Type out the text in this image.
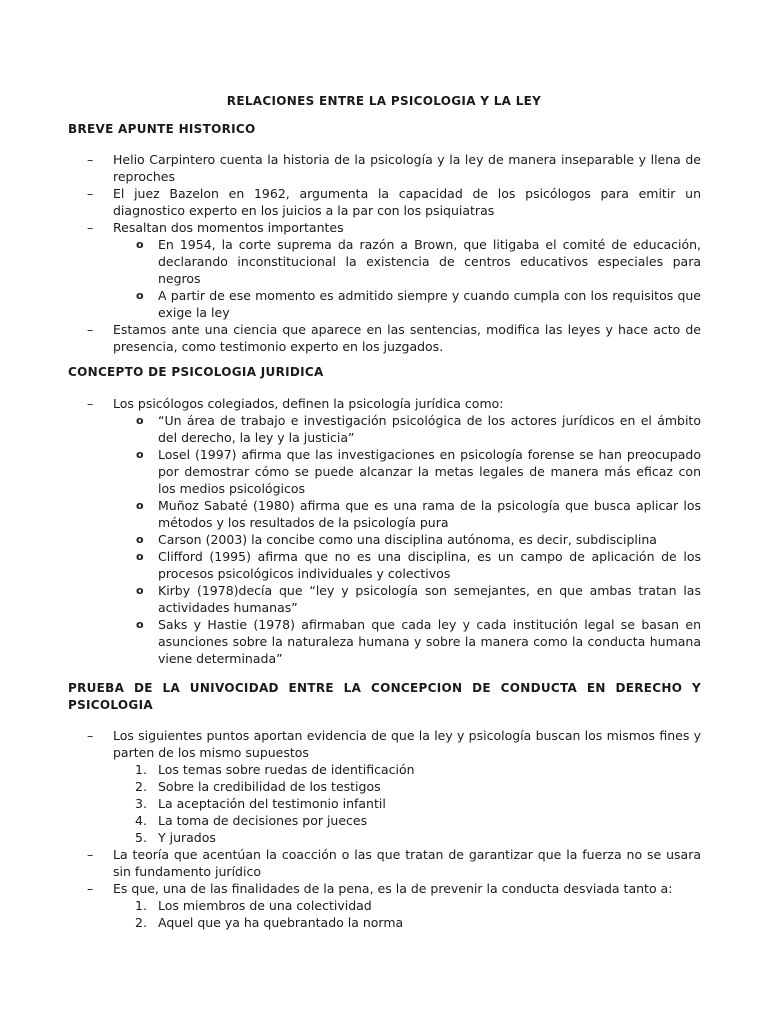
RELACIONES ENTRE LA PSICOLOGIA Y LA LEY
BREVE APUNTE HISTORICO
– Helio Carpintero cuenta la historia de la psicología y la ley de manera inseparable y llena de reproches
– El juez Bazelon en 1962, argumenta la capacidad de los psicólogos para emitir un diagnostico experto en los juicios a la par con los psiquiatras
– Resaltan dos momentos importantes
o En 1954, la corte suprema da razón a Brown, que litigaba el comité de educación, declarando inconstitucional la existencia de centros educativos especiales para negros
o A partir de ese momento es admitido siempre y cuando cumpla con los requisitos que exige la ley
– Estamos ante una ciencia que aparece en las sentencias, modifica las leyes y hace acto de presencia, como testimonio experto en los juzgados.
CONCEPTO DE PSICOLOGIA JURIDICA
– Los psicólogos colegiados, definen la psicología jurídica como:
o “Un área de trabajo e investigación psicológica de los actores jurídicos en el ámbito del derecho, la ley y la justicia”
o Losel (1997) afirma que las investigaciones en psicología forense se han preocupado por demostrar cómo se puede alcanzar la metas legales de manera más eficaz con los medios psicológicos
o Muñoz Sabaté (1980) afirma que es una rama de la psicología que busca aplicar los métodos y los resultados de la psicología pura
o Carson (2003) la concibe como una disciplina autónoma, es decir, subdisciplina
o Clifford (1995) afirma que no es una disciplina, es un campo de aplicación de los procesos psicológicos individuales y colectivos
o Kirby (1978)decía que “ley y psicología son semejantes, en que ambas tratan las actividades humanas”
o Saks y Hastie (1978) afirmaban que cada ley y cada institución legal se basan en asunciones sobre la naturaleza humana y sobre la manera como la conducta humana viene determinada”
PRUEBA DE LA UNIVOCIDAD ENTRE LA CONCEPCION DE CONDUCTA EN DERECHO Y PSICOLOGIA
– Los siguientes puntos aportan evidencia de que la ley y psicología buscan los mismos fines y parten de los mismo supuestos
1. Los temas sobre ruedas de identificación
2. Sobre la credibilidad de los testigos
3. La aceptación del testimonio infantil
4. La toma de decisiones por jueces
5. Y jurados
– La teoría que acentúan la coacción o las que tratan de garantizar que la fuerza no se usara sin fundamento jurídico
– Es que, una de las finalidades de la pena, es la de prevenir la conducta desviada tanto a:
1. Los miembros de una colectividad
2. Aquel que ya ha quebrantado la norma
